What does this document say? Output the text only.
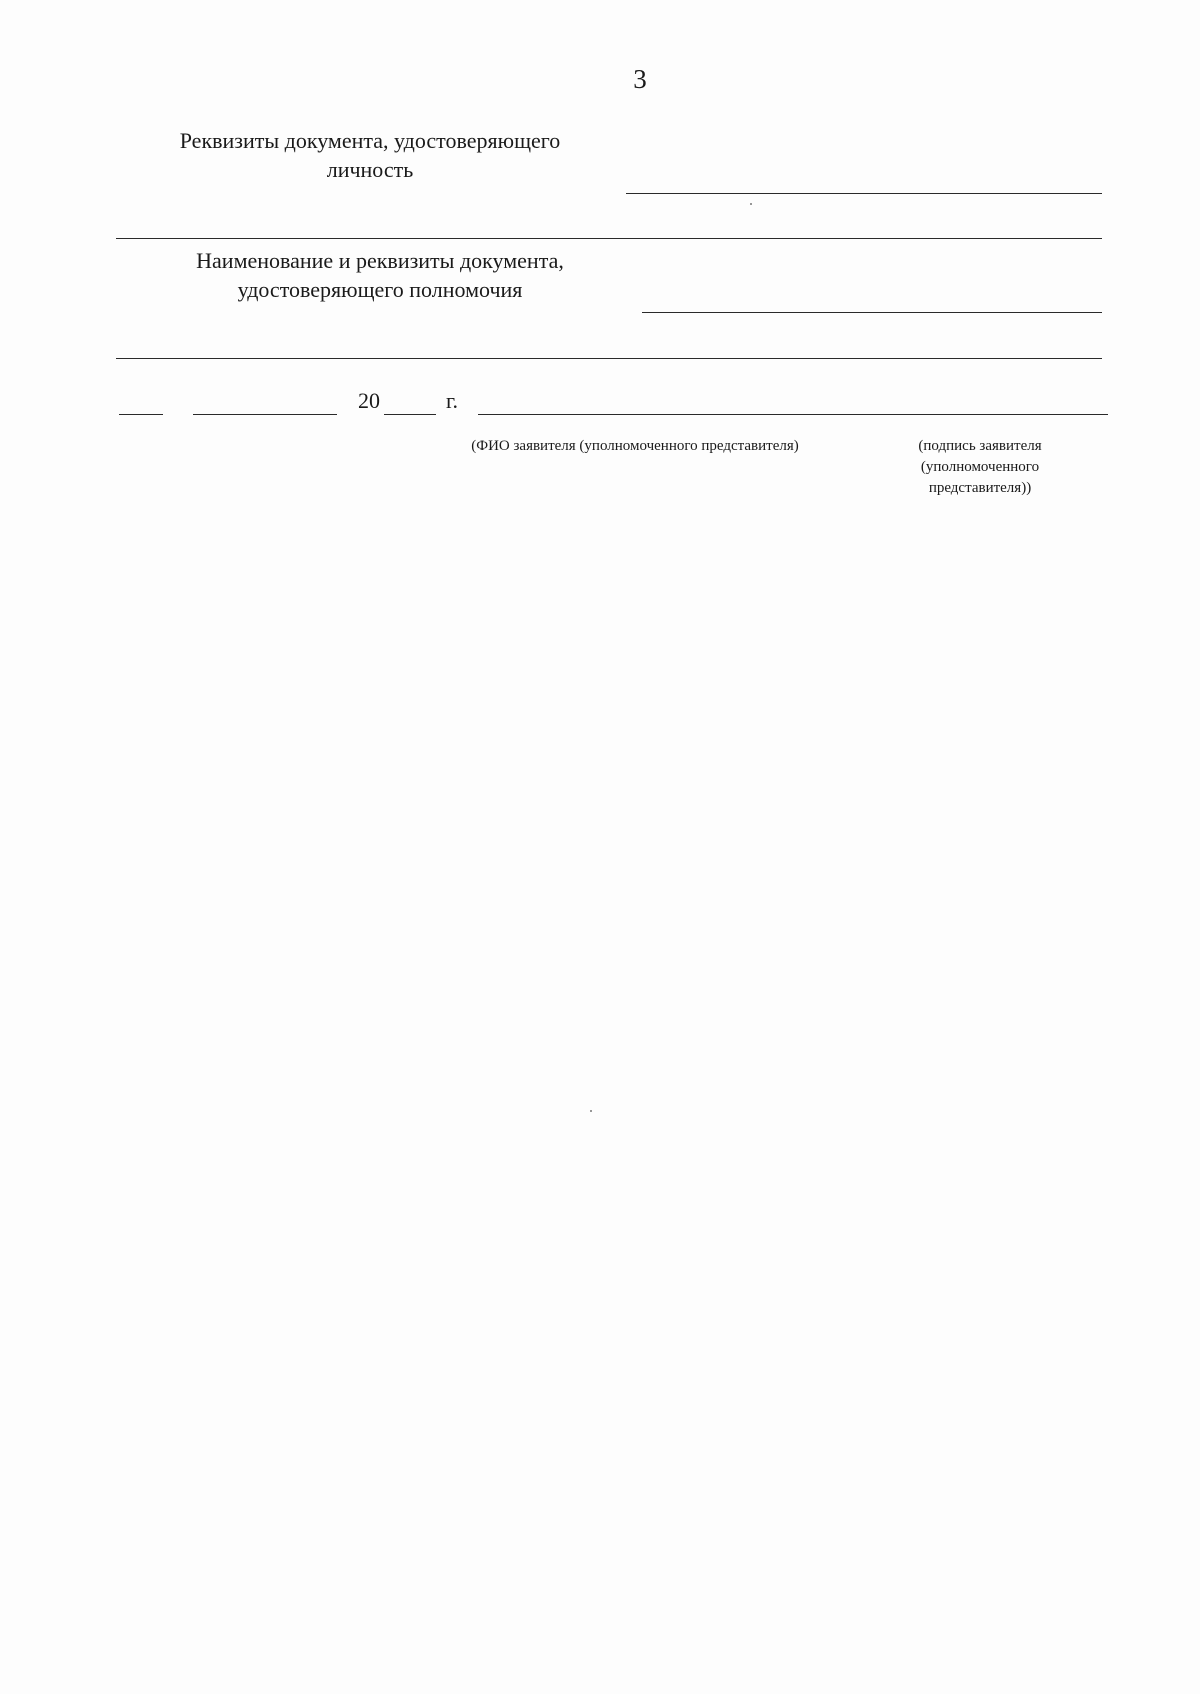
3
Реквизиты документа, удостоверяющего личность
Наименование и реквизиты документа, удостоверяющего полномочия
20	г.
(ФИО заявителя (уполномоченного представителя)	(подпись заявителя (уполномоченного представителя))
